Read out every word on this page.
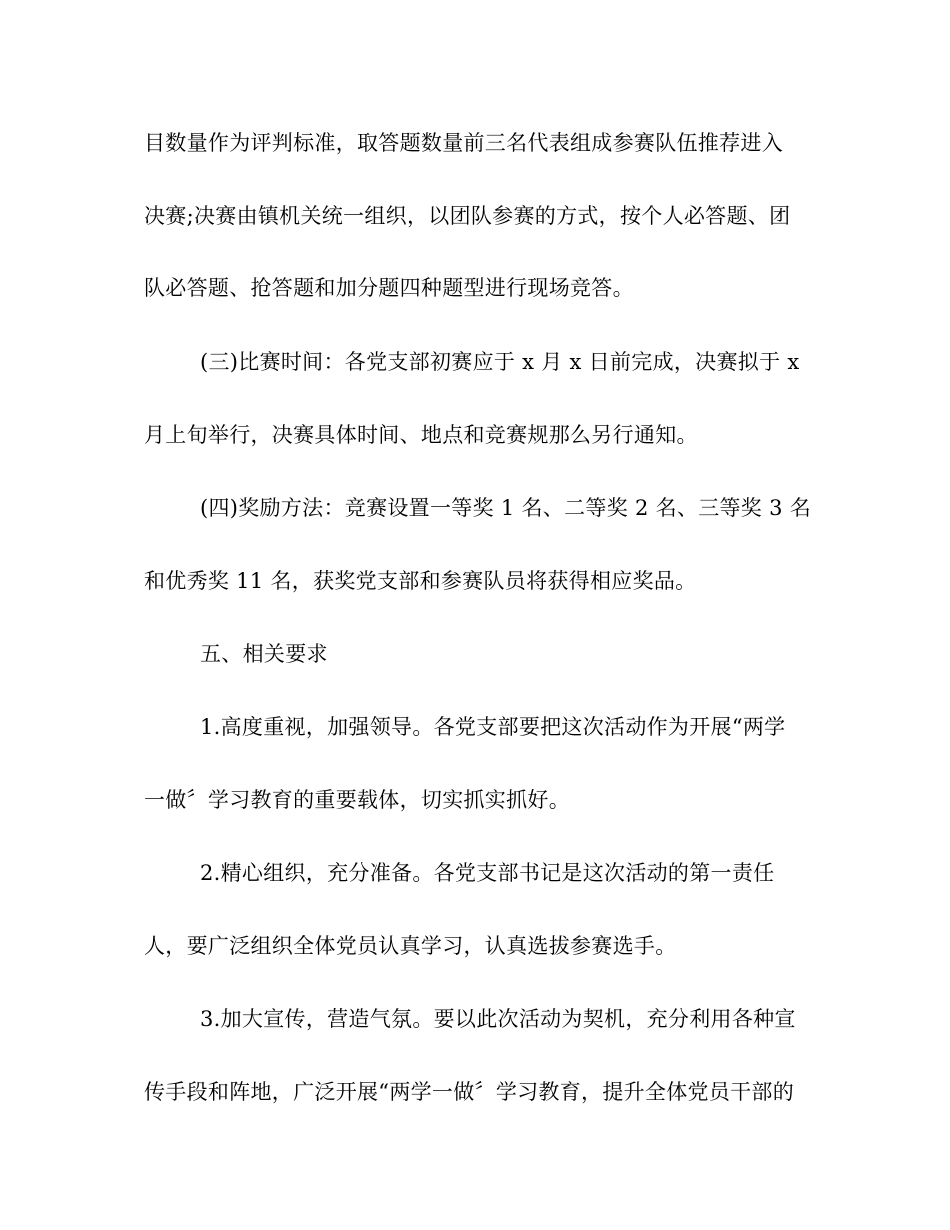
目数量作为评判标准，取答题数量前三名代表组成参赛队伍推荐进入
决赛;决赛由镇机关统一组织，以团队参赛的方式，按个人必答题、团
队必答题、抢答题和加分题四种题型进行现场竞答。
(三)比赛时间：各党支部初赛应于 x 月 x 日前完成，决赛拟于 x
月上旬举行，决赛具体时间、地点和竞赛规那么另行通知。
(四)奖励方法：竞赛设置一等奖 1 名、二等奖 2 名、三等奖 3 名
和优秀奖 11 名，获奖党支部和参赛队员将获得相应奖品。
五、相关要求
1.高度重视，加强领导。各党支部要把这次活动作为开展“两学
一做〞学习教育的重要载体，切实抓实抓好。
2.精心组织，充分准备。各党支部书记是这次活动的第一责任
人，要广泛组织全体党员认真学习，认真选拔参赛选手。
3.加大宣传，营造气氛。要以此次活动为契机，充分利用各种宣
传手段和阵地，广泛开展“两学一做〞学习教育，提升全体党员干部的
